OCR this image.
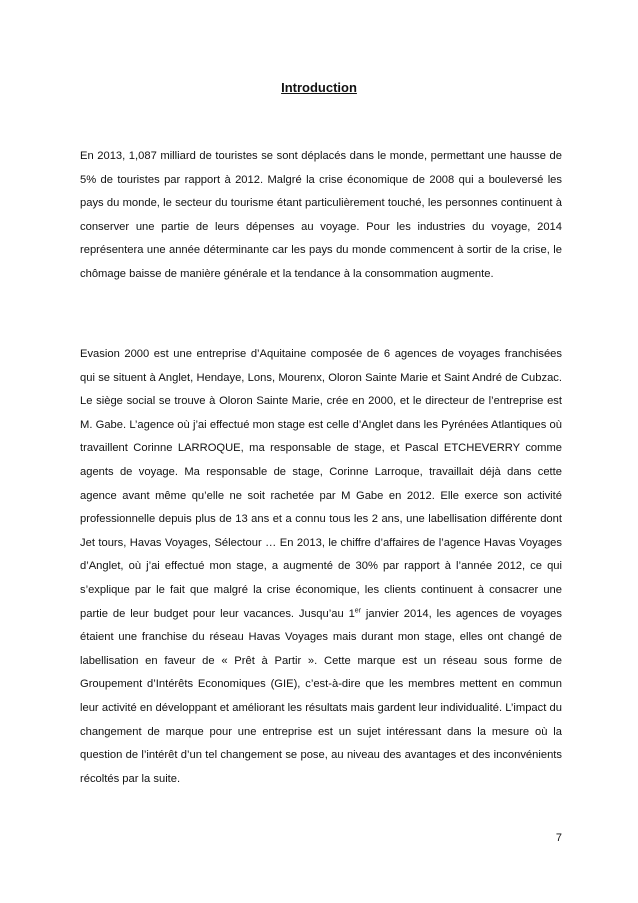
Introduction

En 2013, 1,087 milliard de touristes se sont déplacés dans le monde, permettant une hausse de 5% de touristes par rapport à 2012. Malgré la crise économique de 2008 qui a bouleversé les pays du monde, le secteur du tourisme étant particulièrement touché, les personnes continuent à conserver une partie de leurs dépenses au voyage. Pour les industries du voyage, 2014 représentera une année déterminante car les pays du monde commencent à sortir de la crise, le chômage baisse de manière générale et la tendance à la consommation augmente.

Evasion 2000 est une entreprise d’Aquitaine composée de 6 agences de voyages franchisées qui se situent à Anglet, Hendaye, Lons, Mourenx, Oloron Sainte Marie et Saint André de Cubzac. Le siège social se trouve à Oloron Sainte Marie, crée en 2000, et le directeur de l’entreprise est M. Gabe. L’agence où j’ai effectué mon stage est celle d’Anglet dans les Pyrénées Atlantiques où travaillent Corinne LARROQUE, ma responsable de stage, et Pascal ETCHEVERRY comme agents de voyage. Ma responsable de stage, Corinne Larroque, travaillait déjà dans cette agence avant même qu’elle ne soit rachetée par M Gabe en 2012. Elle exerce son activité professionnelle depuis plus de 13 ans et a connu tous les 2 ans, une labellisation différente dont Jet tours, Havas Voyages, Sélectour … En 2013, le chiffre d’affaires de l’agence Havas Voyages d’Anglet, où j’ai effectué mon stage, a augmenté de 30% par rapport à l’année 2012, ce qui s’explique par le fait que malgré la crise économique, les clients continuent à consacrer une partie de leur budget pour leur vacances. Jusqu’au 1er janvier 2014, les agences de voyages étaient une franchise du réseau Havas Voyages mais durant mon stage, elles ont changé de labellisation en faveur de « Prêt à Partir ». Cette marque est un réseau sous forme de Groupement d’Intérêts Economiques (GIE), c’est-à-dire que les membres mettent en commun leur activité en développant et améliorant les résultats mais gardent leur individualité. L’impact du changement de marque pour une entreprise est un sujet intéressant dans la mesure où la question de l’intérêt d’un tel changement se pose, au niveau des avantages et des inconvénients récoltés par la suite.

7
